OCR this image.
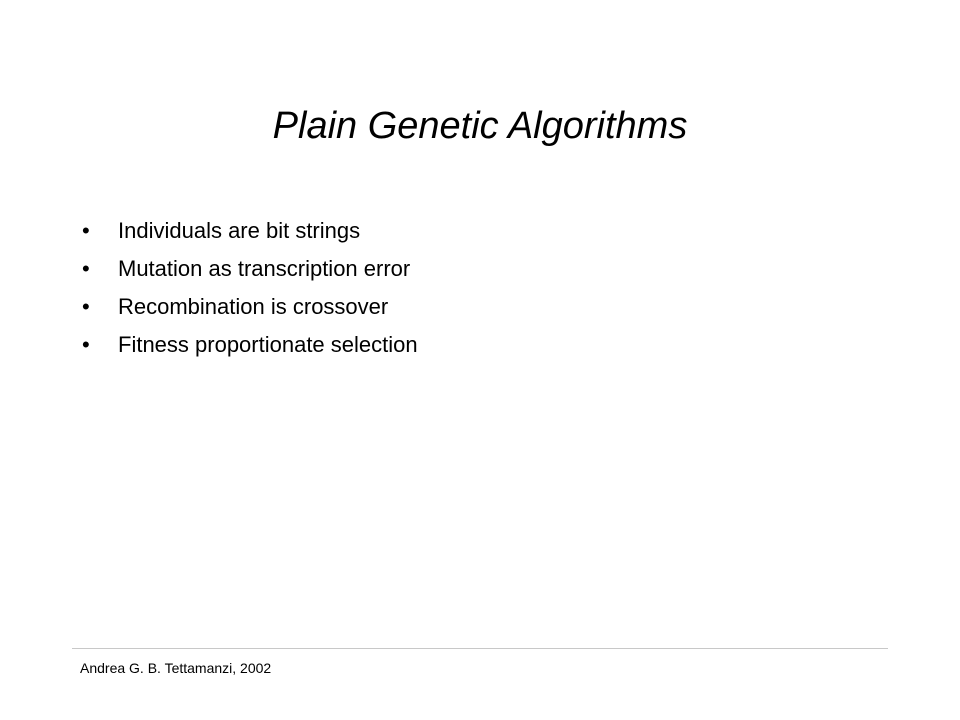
Plain Genetic Algorithms
•	Individuals are bit strings
•	Mutation as transcription error
•	Recombination is crossover
•	Fitness proportionate selection
Andrea G. B. Tettamanzi, 2002
